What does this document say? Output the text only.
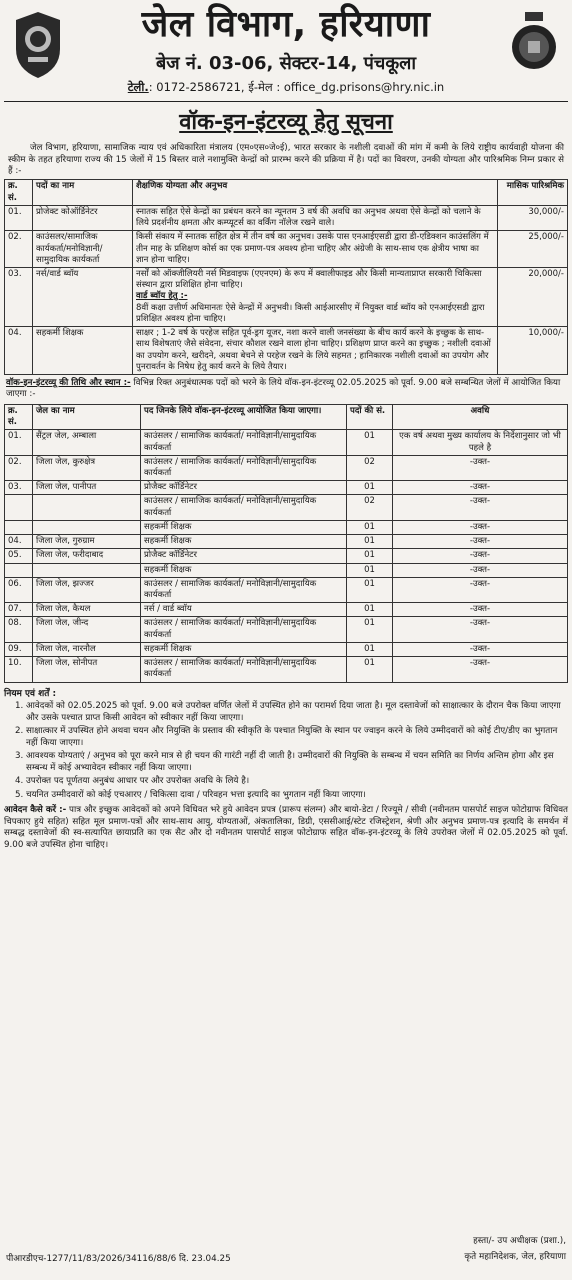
जेल विभाग, हरियाणा
बेज नं. 03-06, सेक्टर-14, पंचकूला
टेली.: 0172-2586721, ई-मेल : office_dg.prisons@hry.nic.in
वॉक-इन-इंटरव्यू हेतु सूचना

जेल विभाग, हरियाणा, सामाजिक न्याय एवं अधिकारिता मंत्रालय (एम०एस०जे०ई), भारत सरकार के नशीली दवाओं की मांग में कमी के लिये राष्ट्रीय कार्यवाही योजना की स्कीम के तहत हरियाणा राज्य की 15 जेलों में 15 बिस्तर वाले नशामुक्ति केन्द्रों को प्रारम्भ करने की प्रक्रिया में है। पदों का विवरण, उनकी योग्यता और पारिश्रमिक निम्न प्रकार से हैं :-

क्र. सं.	पदों का नाम	शैक्षणिक योग्यता और अनुभव	मासिक पारिश्रमिक
01.	प्रोजेक्ट कोऑर्डिनेटर	स्नातक सहित ऐसे केन्द्रों का प्रबंधन करने का न्यूनतम 3 वर्ष की अवधि का अनुभव अथवा ऐसे केन्द्रों को चलाने के लिये प्रदर्शनीय क्षमता और कम्प्यूटर्स का वर्किंग नॉलेज रखने वाले।	30,000/-
02.	काउंसलर/सामाजिक कार्यकर्ता/मनोविज्ञानी/ सामुदायिक कार्यकर्ता	किसी संकाय में स्नातक सहित क्षेत्र में तीन वर्ष का अनुभव। उसके पास एनआईएसडी द्वारा डी-एडिक्शन काउंसलिंग में तीन माह के प्रशिक्षण कोर्स का एक प्रमाण-पत्र अवश्य होना चाहिए और अंग्रेजी के साथ-साथ एक क्षेत्रीय भाषा का ज्ञान होना चाहिए।	25,000/-
03.	नर्स/वार्ड ब्वॉय	नर्सों को ऑक्जीलियरी नर्स मिडवाइफ (एएनएम) के रूप में क्वालीफाइड और किसी मान्यताप्राप्त सरकारी चिकित्सा संस्थान द्वारा प्रशिक्षित होना चाहिए।
वार्ड ब्वॉय हेतु :-
8वीं कक्षा उत्तीर्ण अधिमानतः ऐसे केन्द्रों में अनुभवी। किसी आईआरसीए में नियुक्त वार्ड ब्वॉय को एनआईएसडी द्वारा प्रशिक्षित अवश्य होना चाहिए।	20,000/-
04.	सहकर्मी शिक्षक	साक्षर ; 1-2 वर्ष के परहेज सहित पूर्व-ड्रग यूजर, नशा करने वाली जनसंख्या के बीच कार्य करने के इच्छुक के साथ-साथ विशेषताएं जैसे संवेदना, संचार कौशल रखने वाला होना चाहिए। प्रशिक्षण प्राप्त करने का इच्छुक ; नशीली दवाओं का उपयोग करने, खरीदने, अथवा बेचने से परहेज रखने के लिये सहमत ; हानिकारक नशीली दवाओं का उपयोग और पुनरावर्तन के निषेध हेतु कार्य करने के लिये तैयार।	10,000/-

वॉक-इन-इंटरव्यू की तिथि और स्थान :- विभिन्न रिक्त अनुबंधात्मक पदों को भरने के लिये वॉक-इन-इंटरव्यू 02.05.2025 को पूर्वा. 9.00 बजे सम्बन्धित जेलों में आयोजित किया जाएगा :-

क्र. सं.	जेल का नाम	पद जिनके लिये वॉक-इन-इंटरव्यू आयोजित किया जाएगा।	पदों की सं.	अवधि
01.	सैंट्रल जेल, अम्बाला	काउंसलर / सामाजिक कार्यकर्ता/ मनोविज्ञानी/सामुदायिक कार्यकर्ता	01	एक वर्ष अथवा मुख्य कार्यालय के निर्देशानुसार जो भी पहले है
02.	जिला जेल, कुरुक्षेत्र	काउंसलर / सामाजिक कार्यकर्ता/ मनोविज्ञानी/सामुदायिक कार्यकर्ता	02	-उक्त-
03.	जिला जेल, पानीपत	प्रोजैक्ट कॉर्डिनेटर	01	-उक्त-
		काउंसलर / सामाजिक कार्यकर्ता/ मनोविज्ञानी/सामुदायिक कार्यकर्ता	02	-उक्त-
		सहकर्मी शिक्षक	01	-उक्त-
04.	जिला जेल, गुरुग्राम	सहकर्मी शिक्षक	01	-उक्त-
05.	जिला जेल, फरीदाबाद	प्रोजैक्ट कॉर्डिनेटर	01	-उक्त-
		सहकर्मी शिक्षक	01	-उक्त-
06.	जिला जेल, झज्जर	काउंसलर / सामाजिक कार्यकर्ता/ मनोविज्ञानी/सामुदायिक कार्यकर्ता	01	-उक्त-
07.	जिला जेल, कैथल	नर्स / वार्ड ब्वॉय	01	-उक्त-
08.	जिला जेल, जीन्द	काउंसलर / सामाजिक कार्यकर्ता/ मनोविज्ञानी/सामुदायिक कार्यकर्ता	01	-उक्त-
09.	जिला जेल, नारनौल	सहकर्मी शिक्षक	01	-उक्त-
10.	जिला जेल, सोनीपत	काउंसलर / सामाजिक कार्यकर्ता/ मनोविज्ञानी/सामुदायिक कार्यकर्ता	01	-उक्त-
नियम एवं शर्तें :
1. आवेदकों को 02.05.2025 को पूर्वा. 9.00 बजे उपरोक्त वर्णित जेलों में उपस्थित होने का परामर्श दिया जाता है। मूल दस्तावेजों को साक्षात्कार के दौरान चैक किया जाएगा और उसके पश्चात प्राप्त किसी आवेदन को स्वीकार नहीं किया जाएगा।
2. साक्षात्कार में उपस्थित होने अथवा चयन और नियुक्ति के प्रस्ताव की स्वीकृति के पश्चात नियुक्ति के स्थान पर ज्वाइन करने के लिये उम्मीदवारों को कोई टीए/डीए का भुगतान नहीं किया जाएगा।
3. आवश्यक योग्यताएं / अनुभव को पूरा करने मात्र से ही चयन की गारंटी नहीं दी जाती है। उम्मीदवारों की नियुक्ति के सम्बन्ध में चयन समिति का निर्णय अन्तिम होगा और इस सम्बन्ध में कोई अभ्यावेदन स्वीकार नहीं किया जाएगा।
4. उपरोक्त पद पूर्णतया अनुबंध आधार पर और उपरोक्त अवधि के लिये है।
5. चयनित उम्मीदवारों को कोई एचआरए / चिकित्सा दावा / परिवहन भत्ता इत्यादि का भुगतान नहीं किया जाएगा।

आवेदन कैसे करें :- पात्र और इच्छुक आवेदकों को अपने विधिवत भरे हुये आवेदन प्रपत्र (प्रारूप संलग्न) और बायो-डेटा / रिज्यूमे / सीवी (नवीनतम पासपोर्ट साइज फोटोग्राफ विधिवत चिपकाए हुये सहित) सहित मूल प्रमाण-पत्रों और साथ-साथ आयु, योग्यताओं, अंकतालिका, डिग्री, एससीआई/स्टेट रजिस्ट्रेशन, श्रेणी और अनुभव प्रमाण-पत्र इत्यादि के समर्थन में सम्बद्ध दस्तावेजों की स्व-सत्यापित छायाप्रति का एक सैट और दो नवीनतम पासपोर्ट साइज फोटोग्राफ सहित वॉक-इन-इंटरव्यू के लिये उपरोक्त जेलों में 02.05.2025 को पूर्वा. 9.00 बजे उपस्थित होना चाहिए।

हस्ता/- उप अधीक्षक (प्रशा.),
कृते महानिदेशक, जेल, हरियाणा
पीआरडीएच-1277/11/83/2026/34116/88/6 दि. 23.04.25
